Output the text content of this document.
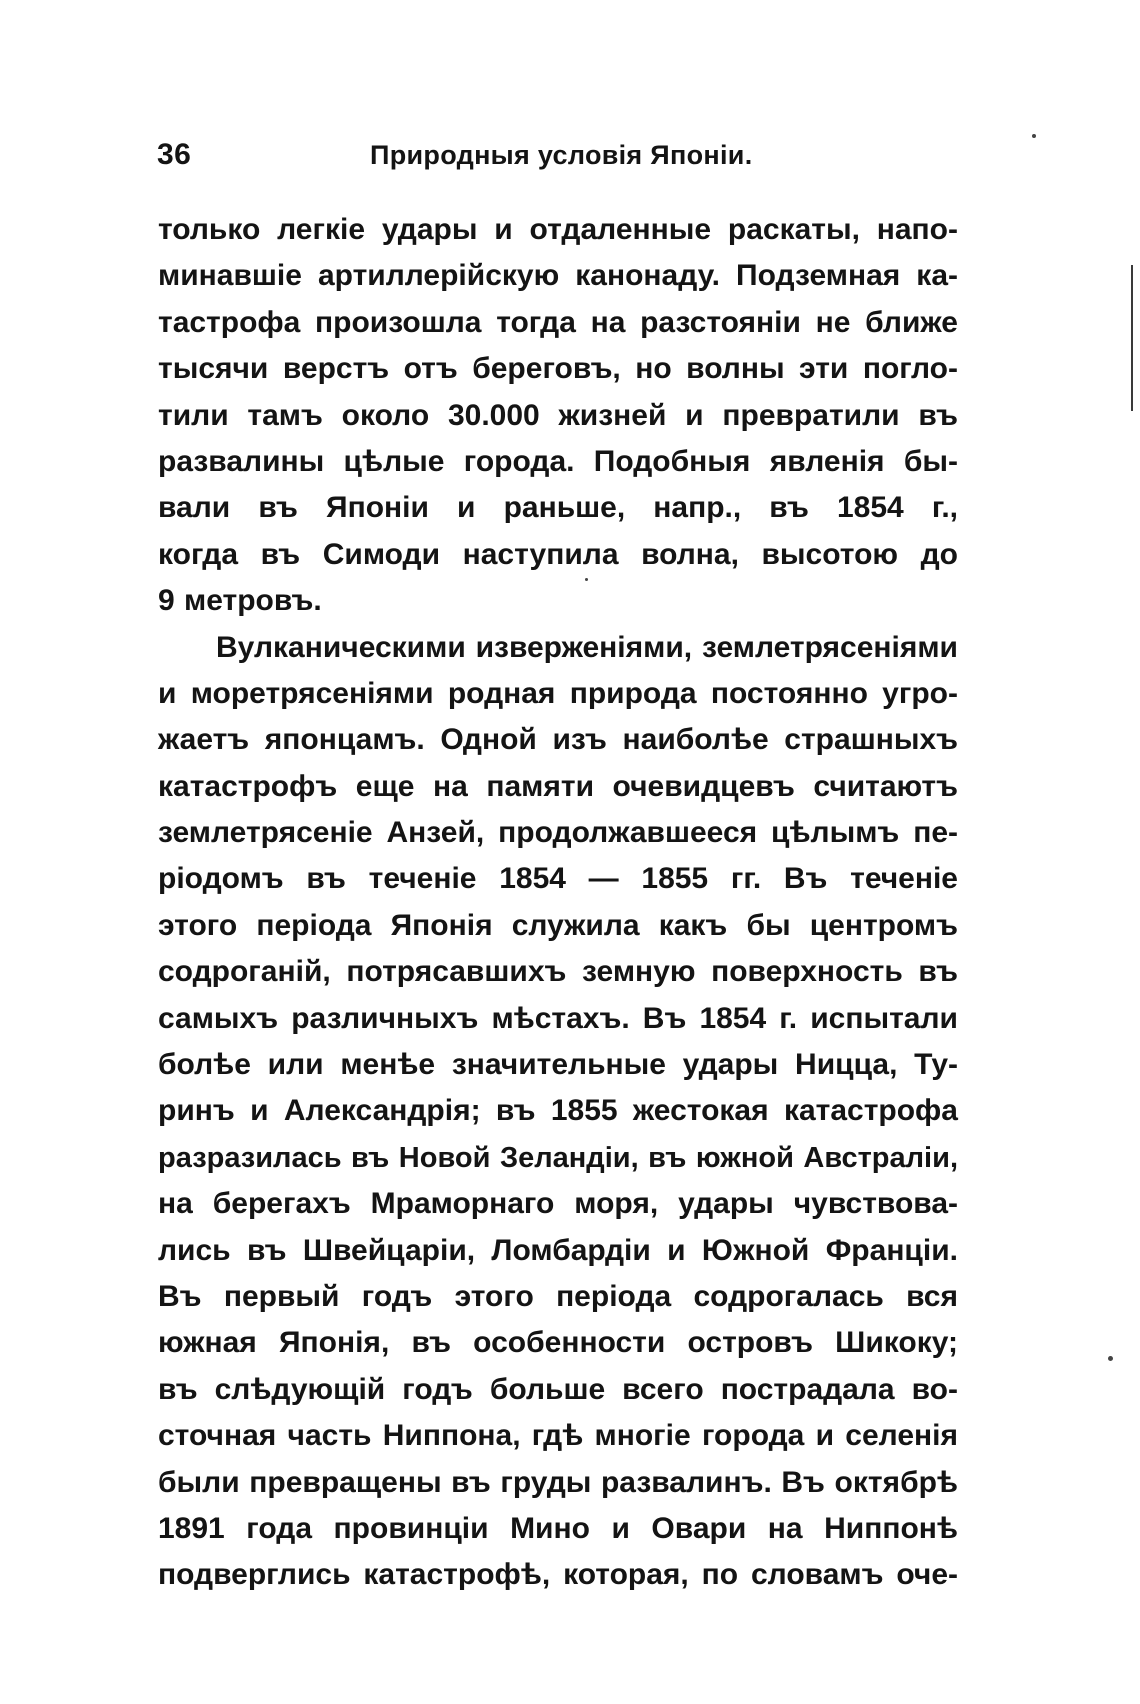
36	Природныя условія Японіи.
только легкіе удары и отдаленные раскаты, напо-
минавшіе артиллерійскую канонаду. Подземная ка-
тастрофа произошла тогда на разстояніи не ближе
тысячи верстъ отъ береговъ, но волны эти погло-
тили тамъ около 30.000 жизней и превратили въ
развалины цѣлые города. Подобныя явленія бы-
вали въ Японіи и раньше, напр., въ 1854 г.,
когда въ Симоди наступила волна, высотою до
9 метровъ.
Вулканическими изверженіями, землетрясеніями
и моретрясеніями родная природа постоянно угро-
жаетъ японцамъ. Одной изъ наиболѣе страшныхъ
катастрофъ еще на памяти очевидцевъ считаютъ
землетрясеніе Анзей, продолжавшееся цѣлымъ пе-
ріодомъ въ теченіе 1854 — 1855 гг. Въ теченіе
этого періода Японія служила какъ бы центромъ
содроганій, потрясавшихъ земную поверхность въ
самыхъ различныхъ мѣстахъ. Въ 1854 г. испытали
болѣе или менѣе значительные удары Ницца, Ту-
ринъ и Александрія; въ 1855 жестокая катастрофа
разразилась въ Новой Зеландіи, въ южной Австраліи,
на берегахъ Мраморнаго моря, удары чувствова-
лись въ Швейцаріи, Ломбардіи и Южной Франціи.
Въ первый годъ этого періода содрогалась вся
южная Японія, въ особенности островъ Шикоку;
въ слѣдующій годъ больше всего пострадала во-
сточная часть Ниппона, гдѣ многіе города и селенія
были превращены въ груды развалинъ. Въ октябрѣ
1891 года провинціи Мино и Овари на Ниппонѣ
подверглись катастрофѣ, которая, по словамъ оче-
